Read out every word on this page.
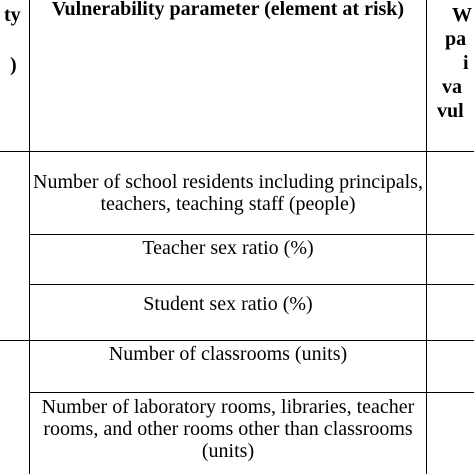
ty
)
Vulnerability parameter (element at risk)	W
pa
i
va
vul
Number of school residents including principals, teachers, teaching staff (people)
Teacher sex ratio (%)
Student sex ratio (%)
Number of classrooms (units)
Number of laboratory rooms, libraries, teacher rooms, and other rooms other than classrooms (units)
